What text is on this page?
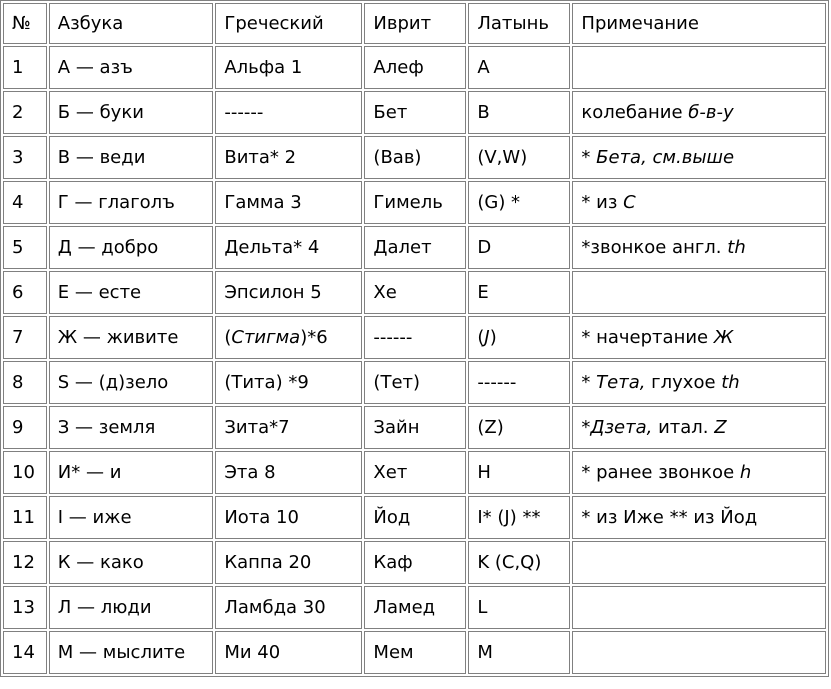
№	Азбука	Греческий	Иврит	Латынь	Примечание
1	А — азъ	Альфа 1	Алеф	A	
2	Б — буки	------	Бет	B	колебание б-в-у
3	В — веди	Вита* 2	(Вав)	(V,W)	* Бета, см.выше
4	Г — глаголъ	Гамма 3	Гимель	(G) *	* из C
5	Д — добро	Дельта* 4	Далет	D	*звонкое англ. th
6	Е — есте	Эпсилон 5	Хе	E	
7	Ж — живите	(Стигма)*6	------	(J)	* начертание Ж
8	S — (д)зело	(Тита) *9	(Тет)	------	* Тета, глухое th
9	З — земля	Зита*7	Зайн	(Z)	*Дзета, итал. Z
10	И* — и	Эта 8	Хет	H	* ранее звонкое h
11	I — иже	Иота 10	Йод	I* (J) **	* из Иже ** из Йод
12	К — како	Каппа 20	Каф	K (C,Q)	
13	Л — люди	Ламбда 30	Ламед	L	
14	М — мыслите	Ми 40	Мем	M	
